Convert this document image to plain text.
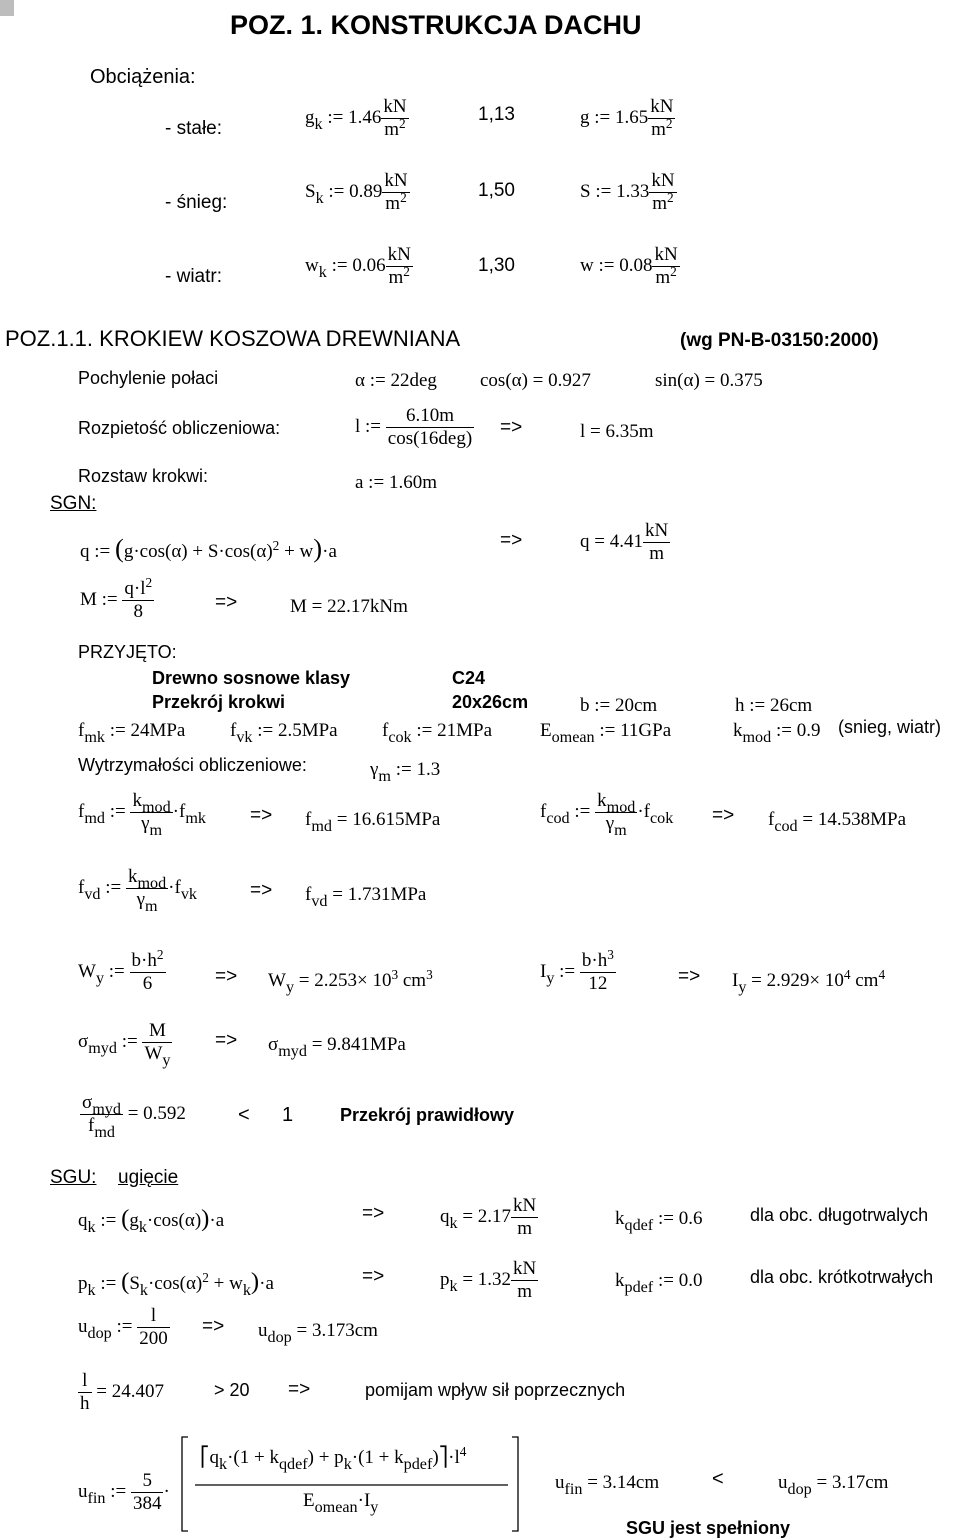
POZ. 1. KONSTRUKCJA DACHU
Obciążenia:
- stałe:
$g_k$ := $1.46 \frac{kN}{m^2}$	1,13	g := $1.65 \frac{kN}{m^2}$
- śnieg:
$S_k$ := $0.89 \frac{kN}{m^2}$	1,50	S := $1.33 \frac{kN}{m^2}$
- wiatr:
$w_k$ := $0.06 \frac{kN}{m^2}$	1,30	w := $0.08 \frac{kN}{m^2}$
POZ.1.1. KROKIEW KOSZOWA DREWNIANA	(wg PN-B-03150:2000)
Pochylenie połaci	α := 22deg cos(α) = 0.927	sin(α) = 0.375
Rozpietość obliczeniowa:	l :=
6.10m
cos(16deg)
=>	l = 6.35m
Rozstaw krokwi:	a := 1.60m
SGN:
q := $(g\cdot\cos(\alpha) + S\cdot\cos(\alpha)^2 + w)\cdot a$
=>	$q = 4.41 \frac{kN}{m}$
M := $\frac{q\cdot l^2}{8}$	=>	M = 22.17kNm
PRZYJĘTO:
Drewno sosnowe klasy	C24
Przekrój krokwi	20x26cm	b := 20cm	h := 26cm
$f_{mk}$ := 24MPa $f_{vk}$ := 2.5MPa $f_{cok}$ := 21MPa	$E_{omean}$ := 11GPa	$k_{mod}$ := 0.9 (snieg, wiatr)
Wytrzymałości obliczeniowe:	$\gamma_m$ := 1.3
$f_{md}$ :=
$k_{mod}$
$\gamma_m$
$\cdot f_{mk} => f_{md} = 16.615MPa$	$f_{cod}$ :=
$k_{mod}$
$\gamma_m$
$\cdot f_{cok} => f_{cod} = 14.538MPa$
$f_{vd}$ :=
$k_{mod}$
$\gamma_m$
$\cdot f_{vk}$	=> $f_{vd} = 1.731MPa$
$W_y$ := $\frac{b\cdot h^2}{6}$	=> $W_y = 2.253\times 10^3$ $cm^3$	$I_y$ := $\frac{b\cdot h^3}{12}$	=> $I_y = 2.929\times 10^4$ $cm^4$
$\sigma_{myd}$ := $\frac{M}{W_y} => \sigma_{myd} = 9.841MPa$
$\sigma_{myd}$
$f_{md}$
= 0.592	< 1	Przekrój prawidłowy
SGU: ugięcie
$q_k$ := $(g_k\cdot\cos(\alpha))\cdot a$	=>	$q_k = 2.17 \frac{kN}{m}$	$k_{qdef}$ := 0.6	dla obc. długotrwalych
$p_k$ := $(S_k\cdot\cos(\alpha)^2 + w_k)\cdot a$	=>	$p_k = 1.32 \frac{kN}{m}$	$k_{pdef}$ := 0.0	dla obc. krótkotrwałych
$u_{dop}$ := $\frac{l}{200} => u_{dop} = 3.173cm$
$\frac{l}{h} = 24.407$	> 20 =>	pomijam wpływ sił poprzecznych
$u_{fin}$ := $\frac{5}{384}$ ·
$⎡q_k\cdot(1 + k_{qdef}) + p_k\cdot(1$ + $k_{pdef})⎤\cdot l^4$
$E_{omean}\cdot I_y$
$u_{fin} = 3.14cm$	<	$u_{dop} = 3.17cm$
SGU jest spełniony
